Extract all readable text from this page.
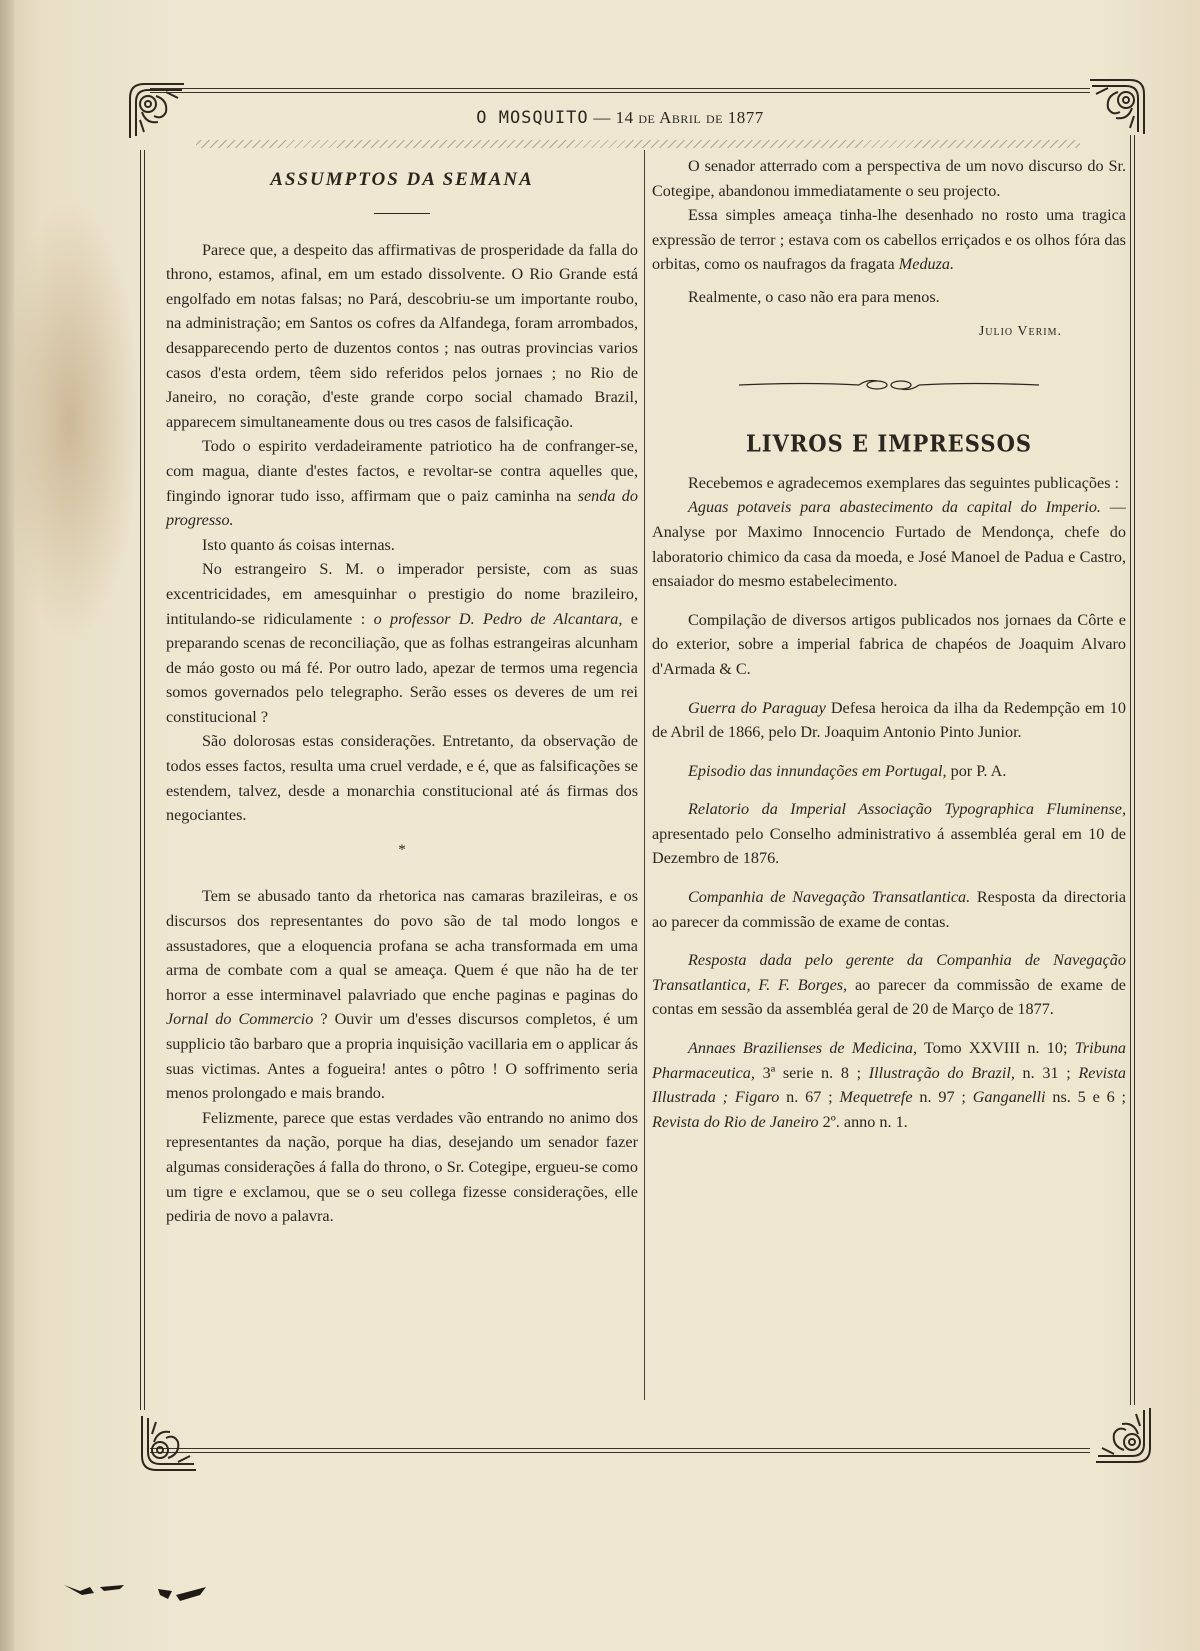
O MOSQUITO — 14 de Abril de 1877
ASSUMPTOS DA SEMANA

Parece que, a despeito das affirmativas de prosperidade da falla do throno, estamos, afinal, em um estado dissolvente. O Rio Grande está engolfado em notas falsas; no Pará, descobriu-se um importante roubo, na administração; em Santos os cofres da Alfandega, foram arrombados, desapparecendo perto de duzentos contos ; nas outras provincias varios casos d'esta ordem, têem sido referidos pelos jornaes ; no Rio de Janeiro, no coração, d'este grande corpo social chamado Brazil, apparecem simultaneamente dous ou tres casos de falsificação.

Todo o espirito verdadeiramente patriotico ha de confranger-se, com magua, diante d'estes factos, e revoltar-se contra aquelles que, fingindo ignorar tudo isso, affirmam que o paiz caminha na senda do progresso.

Isto quanto ás coisas internas.

No estrangeiro S. M. o imperador persiste, com as suas excentricidades, em amesquinhar o prestigio do nome brazileiro, intitulando-se ridiculamente : o professor D. Pedro de Alcantara, e preparando scenas de reconciliação, que as folhas estrangeiras alcunham de máo gosto ou má fé. Por outro lado, apezar de termos uma regencia somos governados pelo telegrapho. Serão esses os deveres de um rei constitucional ?

São dolorosas estas considerações. Entretanto, da observação de todos esses factos, resulta uma cruel verdade, e é, que as falsificações se estendem, talvez, desde a monarchia constitucional até ás firmas dos negociantes.

*

Tem se abusado tanto da rhetorica nas camaras brazileiras, e os discursos dos representantes do povo são de tal modo longos e assustadores, que a eloquencia profana se acha transformada em uma arma de combate com a qual se ameaça. Quem é que não ha de ter horror a esse interminavel palavriado que enche paginas e paginas do Jornal do Commercio ? Ouvir um d'esses discursos completos, é um supplicio tão barbaro que a propria inquisição vacillaria em o applicar ás suas victimas. Antes a fogueira! antes o pôtro ! O soffrimento seria menos prolongado e mais brando.

Felizmente, parece que estas verdades vão entrando no animo dos representantes da nação, porque ha dias, desejando um senador fazer algumas considerações á falla do throno, o Sr. Cotegipe, ergueu-se como um tigre e exclamou, que se o seu collega fizesse considerações, elle pediria de novo a palavra.

O senador atterrado com a perspectiva de um novo discurso do Sr. Cotegipe, abandonou immediatamente o seu projecto.

Essa simples ameaça tinha-lhe desenhado no rosto uma tragica expressão de terror ; estava com os cabellos erriçados e os olhos fóra das orbitas, como os naufragos da fragata Meduza.

Realmente, o caso não era para menos.

Julio Verim.
LIVROS E IMPRESSOS

Recebemos e agradecemos exemplares das seguintes publicações :

Aguas potaveis para abastecimento da capital do Imperio. — Analyse por Maximo Innocencio Furtado de Mendonça, chefe do laboratorio chimico da casa da moeda, e José Manoel de Padua e Castro, ensaiador do mesmo estabelecimento.

Compilação de diversos artigos publicados nos jornaes da Côrte e do exterior, sobre a imperial fabrica de chapéos de Joaquim Alvaro d'Armada & C.

Guerra do Paraguay Defesa heroica da ilha da Redempção em 10 de Abril de 1866, pelo Dr. Joaquim Antonio Pinto Junior.

Episodio das innundações em Portugal, por P. A.

Relatorio da Imperial Associação Typographica Fluminense, apresentado pelo Conselho administrativo á assembléa geral em 10 de Dezembro de 1876.

Companhia de Navegação Transatlantica. Resposta da directoria ao parecer da commissão de exame de contas.

Resposta dada pelo gerente da Companhia de Navegação Transatlantica, F. F. Borges, ao parecer da commissão de exame de contas em sessão da assembléa geral de 20 de Março de 1877.

Annaes Brazilienses de Medicina, Tomo XXVIII n. 10; Tribuna Pharmaceutica, 3ª serie n. 8 ; Illustração do Brazil, n. 31 ; Revista Illustrada ; Figaro n. 67 ; Mequetrefe n. 97 ; Ganganelli ns. 5 e 6 ; Revista do Rio de Janeiro 2º. anno n. 1.
